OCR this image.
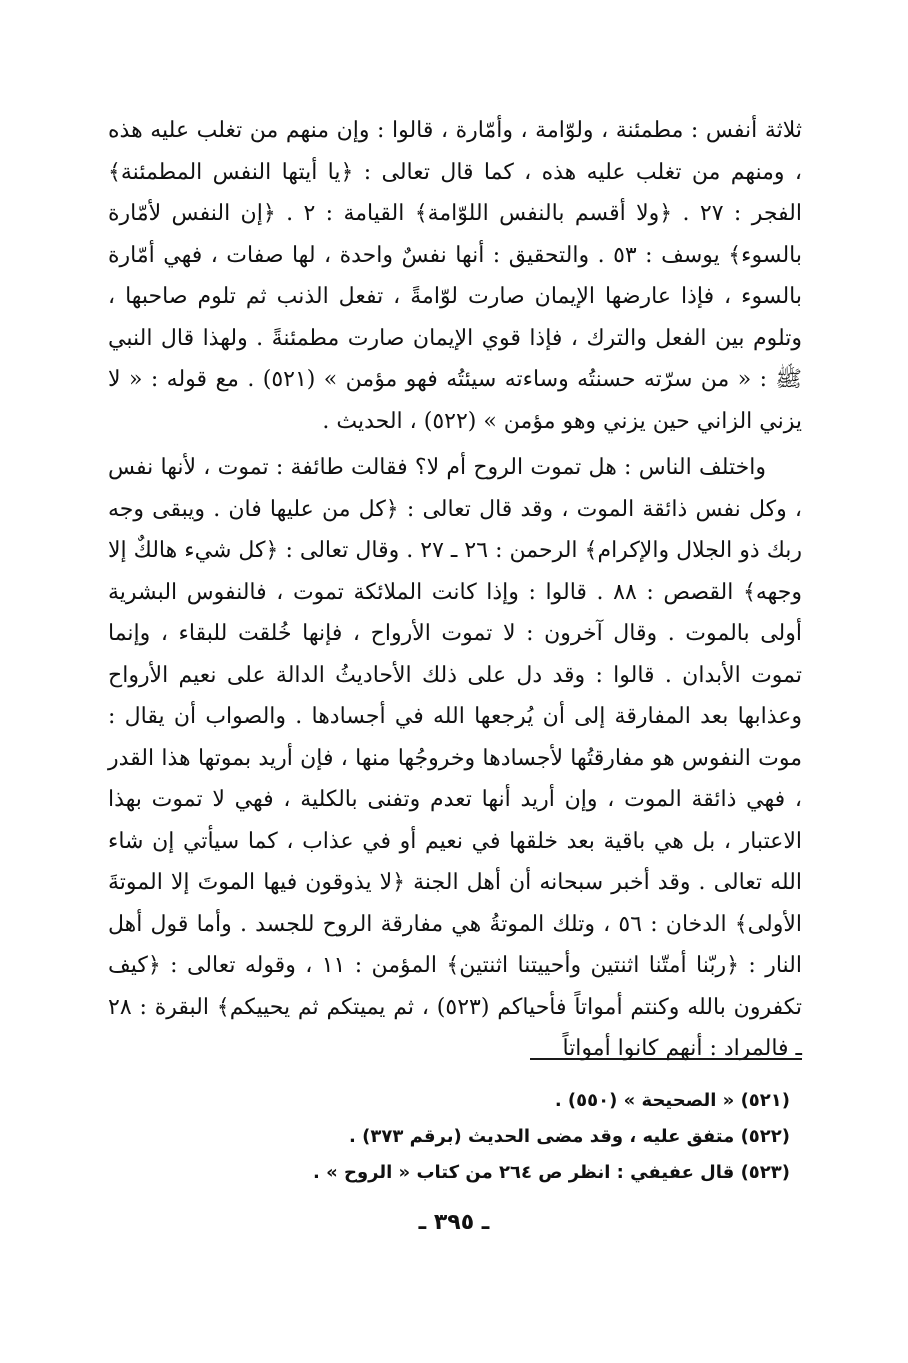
ثلاثة أنفس : مطمئنة ، ولوّامة ، وأمّارة ، قالوا : وإن منهم من تغلب عليه هذه ، ومنهم من تغلب عليه هذه ، كما قال تعالى : ﴿يا أيتها النفس المطمئنة﴾ الفجر : ٢٧ . ﴿ولا أقسم بالنفس اللوّامة﴾ القيامة : ٢ . ﴿إن النفس لأمّارة بالسوء﴾ يوسف : ٥٣ . والتحقيق : أنها نفسٌ واحدة ، لها صفات ، فهي أمّارة بالسوء ، فإذا عارضها الإيمان صارت لوّامةً ، تفعل الذنب ثم تلوم صاحبها ، وتلوم بين الفعل والترك ، فإذا قوي الإيمان صارت مطمئنةً . ولهذا قال النبي ﷺ : « من سرّته حسنتُه وساءته سيئتُه فهو مؤمن » (٥٢١) . مع قوله : « لا يزني الزاني حين يزني وهو مؤمن » (٥٢٢) ، الحديث .

واختلف الناس : هل تموت الروح أم لا؟ فقالت طائفة : تموت ، لأنها نفس ، وكل نفس ذائقة الموت ، وقد قال تعالى : ﴿كل من عليها فان . ويبقى وجه ربك ذو الجلال والإكرام﴾ الرحمن : ٢٦ ـ ٢٧ . وقال تعالى : ﴿كل شيء هالكٌ إلا وجهه﴾ القصص : ٨٨ . قالوا : وإذا كانت الملائكة تموت ، فالنفوس البشرية أولى بالموت . وقال آخرون : لا تموت الأرواح ، فإنها خُلقت للبقاء ، وإنما تموت الأبدان . قالوا : وقد دل على ذلك الأحاديثُ الدالة على نعيم الأرواح وعذابها بعد المفارقة إلى أن يُرجعها الله في أجسادها . والصواب أن يقال : موت النفوس هو مفارقتُها لأجسادها وخروجُها منها ، فإن أريد بموتها هذا القدر ، فهي ذائقة الموت ، وإن أريد أنها تعدم وتفنى بالكلية ، فهي لا تموت بهذا الاعتبار ، بل هي باقية بعد خلقها في نعيم أو في عذاب ، كما سيأتي إن شاء الله تعالى . وقد أخبر سبحانه أن أهل الجنة ﴿لا يذوقون فيها الموتَ إلا الموتةَ الأولى﴾ الدخان : ٥٦ ، وتلك الموتةُ هي مفارقة الروح للجسد . وأما قول أهل النار : ﴿ربّنا أمتّنا اثنتين وأحييتنا اثنتين﴾ المؤمن : ١١ ، وقوله تعالى : ﴿كيف تكفرون بالله وكنتم أمواتاً فأحياكم (٥٢٣) ، ثم يميتكم ثم يحييكم﴾ البقرة : ٢٨ ـ فالمراد : أنهم كانوا أمواتاً

(٥٢١) « الصحيحة » (٥٥٠) .

(٥٢٢) متفق عليه ، وقد مضى الحديث (برقم ٣٧٣) .

(٥٢٣) قال عفيفي : انظر ص ٢٦٤ من كتاب « الروح » .

ـ ٣٩٥ ـ
